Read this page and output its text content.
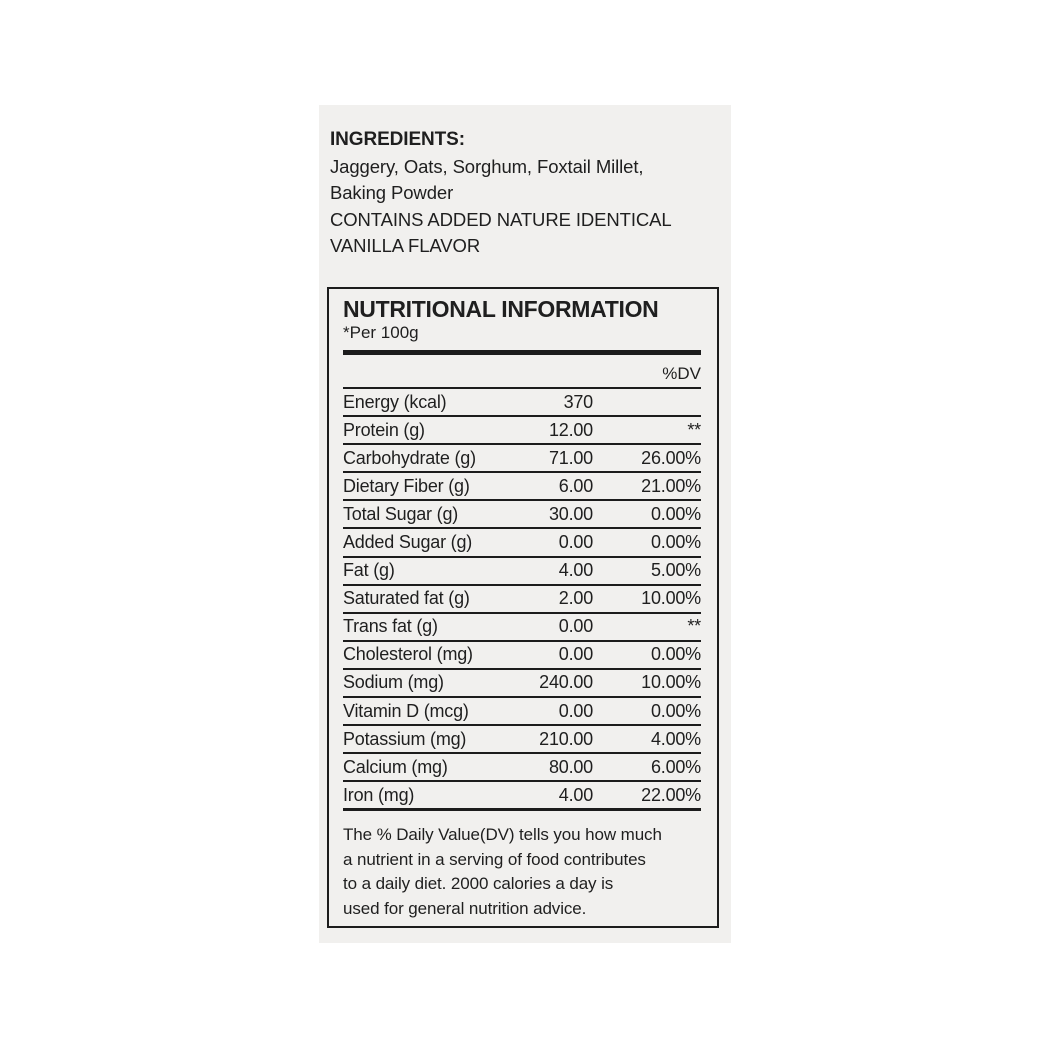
INGREDIENTS:
Jaggery, Oats, Sorghum, Foxtail Millet,
Baking Powder
CONTAINS ADDED NATURE IDENTICAL
VANILLA FLAVOR
NUTRITIONAL INFORMATION
*Per 100g
%DV
Energy (kcal)	370
Protein (g)	12.00	**
Carbohydrate (g)	71.00	26.00%
Dietary Fiber (g)	6.00	21.00%
Total Sugar (g)	30.00	0.00%
Added Sugar (g)	0.00	0.00%
Fat (g)	4.00	5.00%
Saturated fat (g)	2.00	10.00%
Trans fat (g)	0.00	**
Cholesterol (mg)	0.00	0.00%
Sodium (mg)	240.00	10.00%
Vitamin D (mcg)	0.00	0.00%
Potassium (mg)	210.00	4.00%
Calcium (mg)	80.00	6.00%
Iron (mg)	4.00	22.00%
The % Daily Value(DV) tells you how much
a nutrient in a serving of food contributes
to a daily diet. 2000 calories a day is
used for general nutrition advice.
